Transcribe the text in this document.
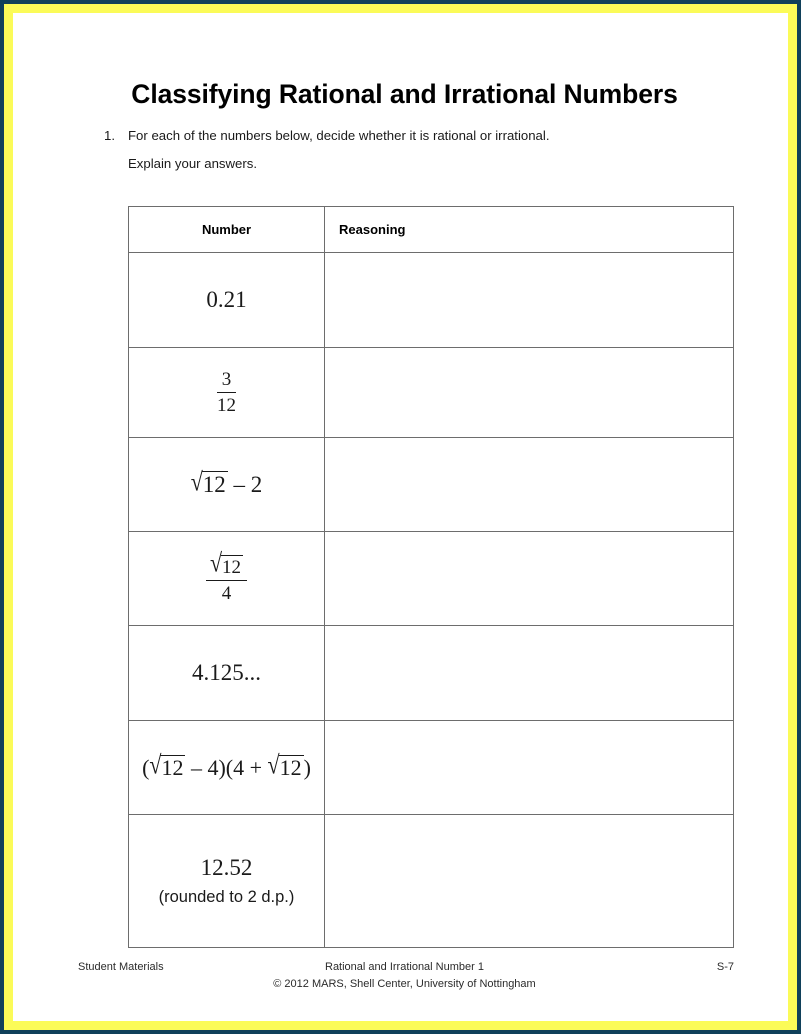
Classifying Rational and Irrational Numbers
1. For each of the numbers below, decide whether it is rational or irrational.
Explain your answers.
Number	Reasoning
0.21	

$\frac{3}{12}$

√12 – 2	

$\frac{√12}{4}$

4.125...	
(√12 – 4)(4 + √12)	
12.52
(rounded to 2 d.p.)	

Student Materials	Rational and Irrational Number 1	S-7
© 2012 MARS, Shell Center, University of Nottingham
